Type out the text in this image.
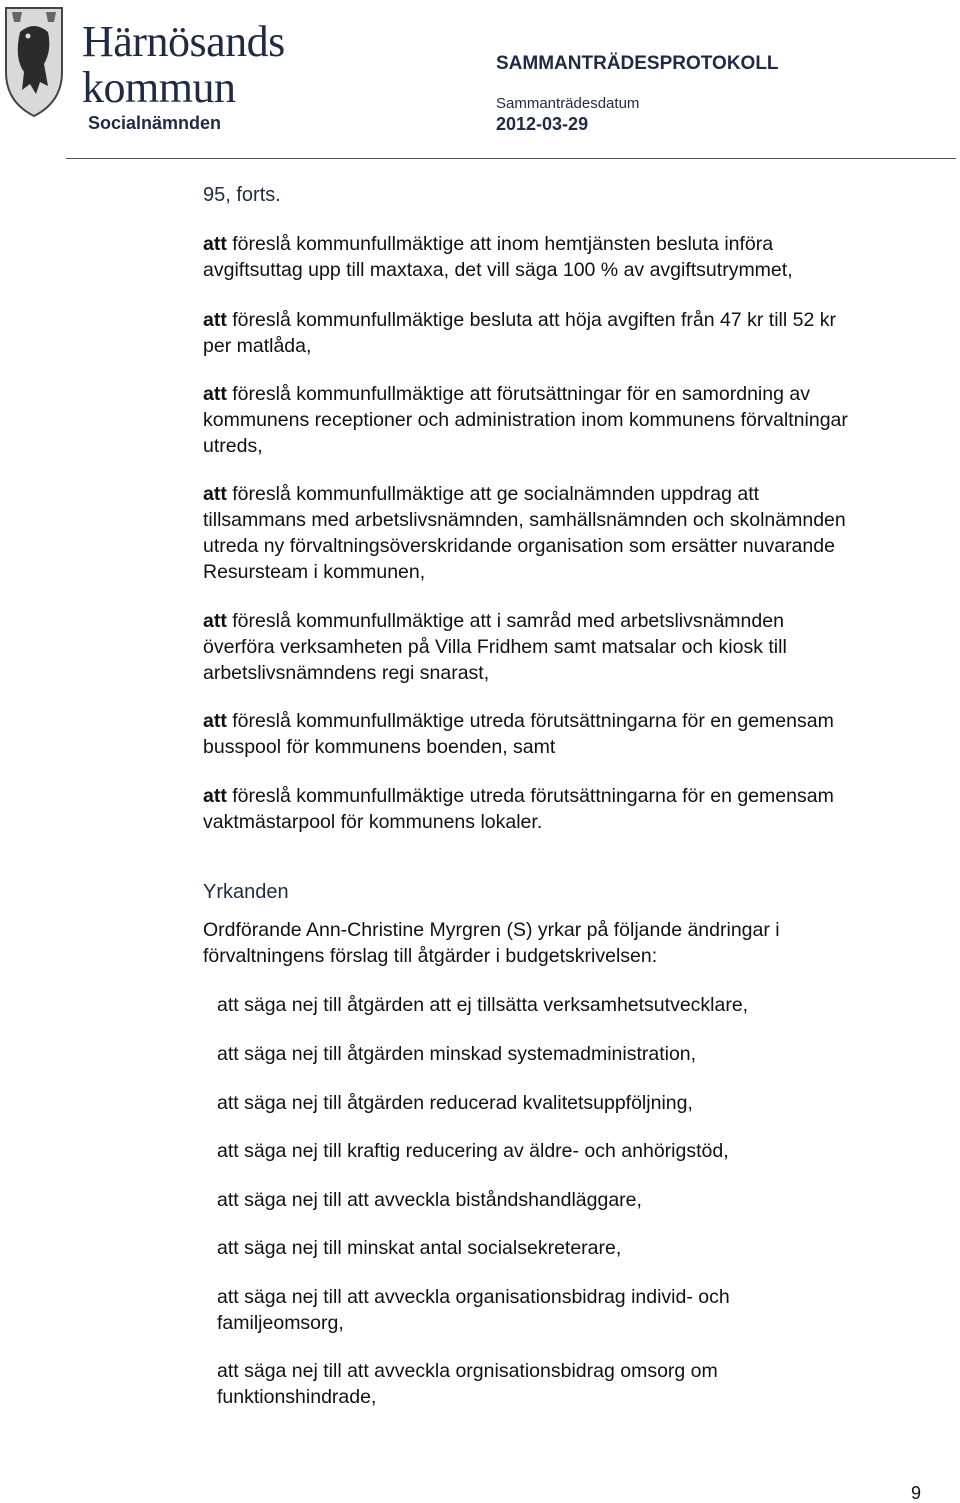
Härnösands
kommun
Socialnämnden
SAMMANTRÄDESPROTOKOLL
Sammanträdesdatum
2012-03-29
95, forts.
att föreslå kommunfullmäktige att inom hemtjänsten besluta införa
avgiftsuttag upp till maxtaxa, det vill säga 100 % av avgiftsutrymmet,
att föreslå kommunfullmäktige besluta att höja avgiften från 47 kr till 52 kr
per matlåda,
att föreslå kommunfullmäktige att förutsättningar för en samordning av
kommunens receptioner och administration inom kommunens förvaltningar
utreds,
att föreslå kommunfullmäktige att ge socialnämnden uppdrag att
tillsammans med arbetslivsnämnden, samhällsnämnden och skolnämnden
utreda ny förvaltningsöverskridande organisation som ersätter nuvarande
Resursteam i kommunen,
att föreslå kommunfullmäktige att i samråd med arbetslivsnämnden
överföra verksamheten på Villa Fridhem samt matsalar och kiosk till
arbetslivsnämndens regi snarast,
att föreslå kommunfullmäktige utreda förutsättningarna för en gemensam
busspool för kommunens boenden, samt
att föreslå kommunfullmäktige utreda förutsättningarna för en gemensam
vaktmästarpool för kommunens lokaler.
Yrkanden
Ordförande Ann-Christine Myrgren (S) yrkar på följande ändringar i
förvaltningens förslag till åtgärder i budgetskrivelsen:
att säga nej till åtgärden att ej tillsätta verksamhetsutvecklare,
att säga nej till åtgärden minskad systemadministration,
att säga nej till åtgärden reducerad kvalitetsuppföljning,
att säga nej till kraftig reducering av äldre- och anhörigstöd,
att säga nej till att avveckla biståndshandläggare,
att säga nej till minskat antal socialsekreterare,
att säga nej till att avveckla organisationsbidrag individ- och
familjeomsorg,
att säga nej till att avveckla orgnisationsbidrag omsorg om
funktionshindrade,
9
